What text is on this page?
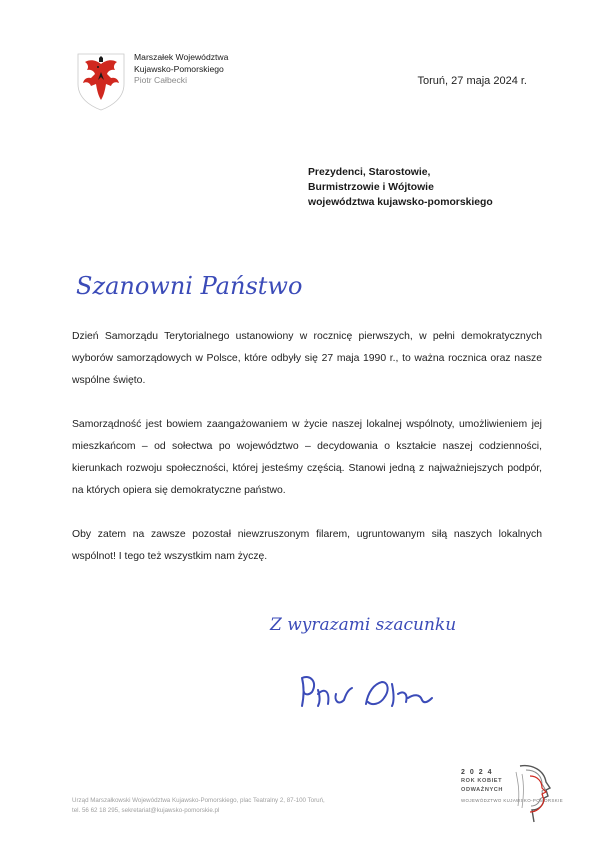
Marszałek Województwa
Kujawsko-Pomorskiego
Piotr Całbecki	Toruń, 27 maja 2024 r.
Prezydenci, Starostowie,
Burmistrzowie i Wójtowie
województwa kujawsko-pomorskiego
Szanowni Państwo

Dzień Samorządu Terytorialnego ustanowiony w rocznicę pierwszych, w pełni demokratycznych wyborów samorządowych w Polsce, które odbyły się 27 maja 1990 r., to ważna rocznica oraz nasze wspólne święto.

Samorządność jest bowiem zaangażowaniem w życie naszej lokalnej wspólnoty, umożliwieniem jej mieszkańcom – od sołectwa po województwo – decydowania o kształcie naszej codzienności, kierunkach rozwoju społeczności, której jesteśmy częścią. Stanowi jedną z najważniejszych podpór, na których opiera się demokratyczne państwo.

Oby zatem na zawsze pozostał niewzruszonym filarem, ugruntowanym siłą naszych lokalnych wspólnot! I tego też wszystkim nam życzę.

Z wyrazami szacunku
Urząd Marszałkowski Województwa Kujawsko-Pomorskiego, plac Teatralny 2, 87-100 Toruń,
tel. 56 62 18 295, sekretariat@kujawsko-pomorskie.pl
2024
ROK KOBIET
ODWAŻNYCH
WOJEWÓDZTWO KUJAWSKO-POMORSKIE
